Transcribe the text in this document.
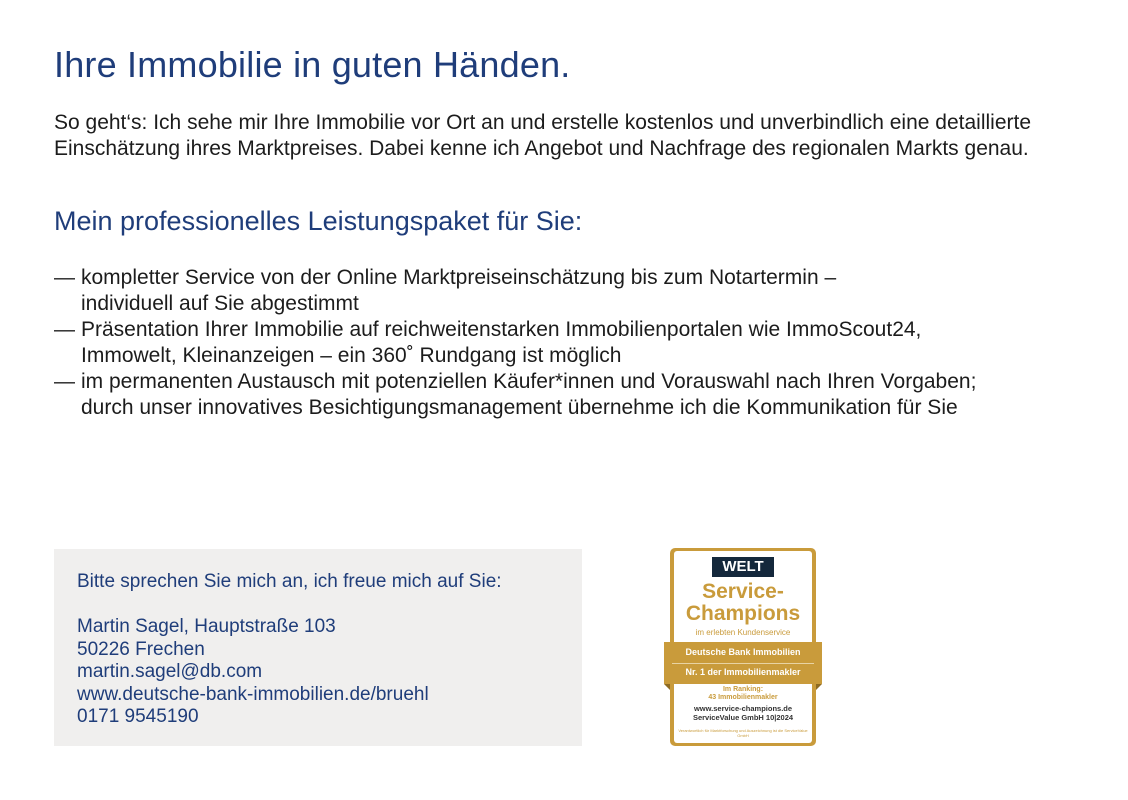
Ihre Immobilie in guten Händen.

So geht‘s: Ich sehe mir Ihre Immobilie vor Ort an und erstelle kostenlos und unverbindlich eine detaillierte Einschätzung ihres Marktpreises. Dabei kenne ich Angebot und Nachfrage des regionalen Markts genau.

Mein professionelles Leistungspaket für Sie:
— kompletter Service von der Online Marktpreiseinschätzung bis zum Notartermin –
individuell auf Sie abgestimmt
— Präsentation Ihrer Immobilie auf reichweitenstarken Immobilienportalen wie ImmoScout24,
Immowelt, Kleinanzeigen – ein 360˚ Rundgang ist möglich
— im permanenten Austausch mit potenziellen Käufer*innen und Vorauswahl nach Ihren Vorgaben;
durch unser innovatives Besichtigungsmanagement übernehme ich die Kommunikation für Sie

Bitte sprechen Sie mich an, ich freue mich auf Sie:

Martin Sagel, Hauptstraße 103
50226 Frechen
martin.sagel@db.com
www.deutsche-bank-immobilien.de/bruehl
0171 9545190
WELT
Service-
Champions
im erlebten Kundenservice
Deutsche Bank Immobilien
Nr. 1 der Immobilienmakler
Im Ranking:
43 Immobilienmakler
www.service-champions.de
ServiceValue GmbH 10|2024
Verantwortlich für Marktforschung und Auszeichnung ist die ServiceValue GmbH
